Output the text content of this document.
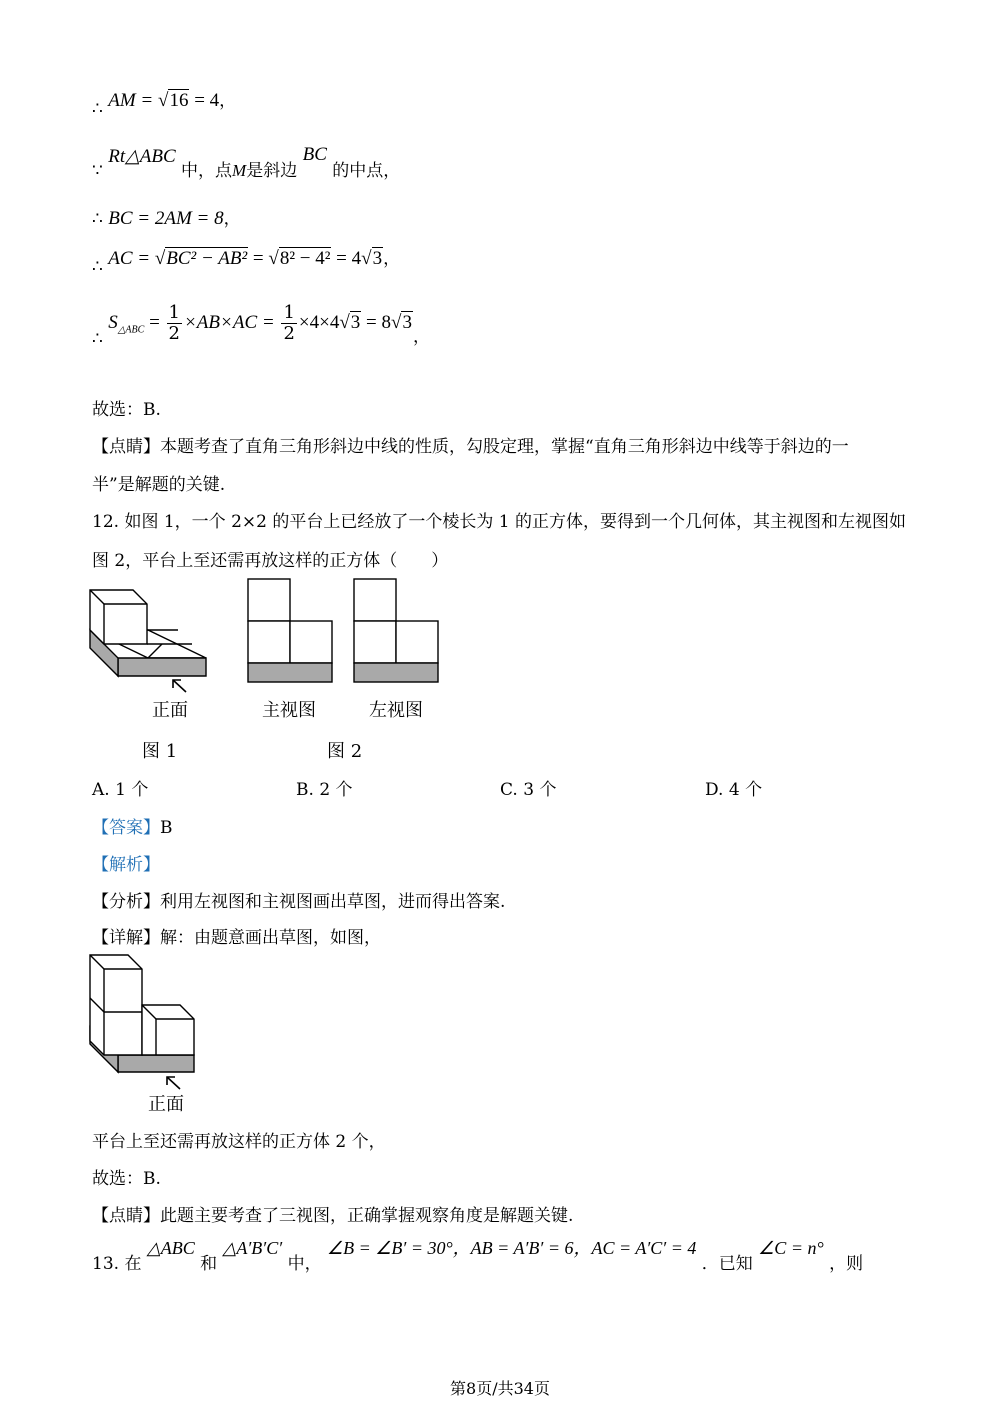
∴ AM = √16 = 4，
∵ Rt△ABC 中，点M是斜边 BC 的中点，
∴ BC = 2AM = 8，
∴ AC = √BC² − AB² = √8² − 4² = 4√3，
∴ $S_{\triangle ABC} = \frac{1}{2} \times AB\times AC = \frac{1}{2} \times 4\times 4√3 = 8√3$，
故选：B.
【点睛】本题考查了直角三角形斜边中线的性质，勾股定理，掌握“直角三角形斜边中线等于斜边的一
半”是解题的关键.
12. 如图 1，一个 2×2 的平台上已经放了一个棱长为 1 的正方体，要得到一个几何体，其主视图和左视图如
图 2，平台上至还需再放这样的正方体（　　）
正面
图 1
主视图	左视图
图 2
A. 1 个	B. 2 个	C. 3 个	D. 4 个
【答案】B
【解析】
【分析】利用左视图和主视图画出草图，进而得出答案.
【详解】解：由题意画出草图，如图，
正面
平台上至还需再放这样的正方体 2 个，
故选：B.
【点睛】此题主要考查了三视图，正确掌握观察角度是解题关键.
13. 在 △ABC 和 △A′B′C′ 中， ∠B = ∠B′ = 30°，AB = A′B′ = 6，AC = A′C′ = 4 ．已知 ∠C = n° ，则
第8页/共34页
